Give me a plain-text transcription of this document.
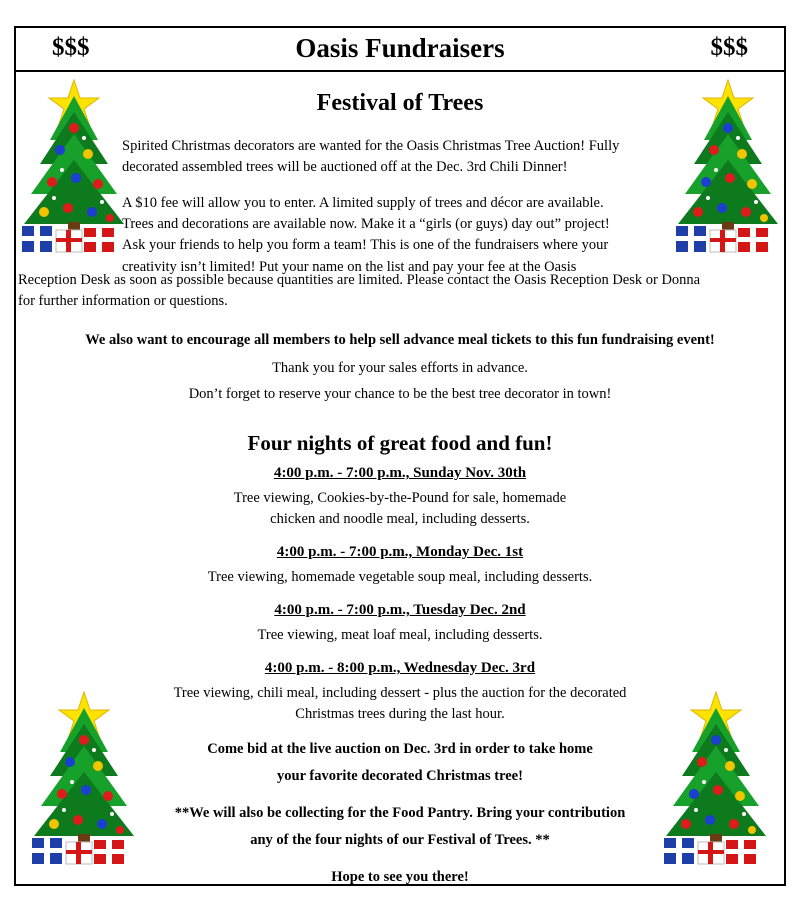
$$$	Oasis Fundraisers	$$$
Festival of Trees

Spirited Christmas decorators are wanted for the Oasis Christmas Tree Auction! Fully decorated assembled trees will be auctioned off at the Dec. 3rd Chili Dinner!

A $10 fee will allow you to enter. A limited supply of trees and décor are available.

Trees and decorations are available now. Make it a “girls (or guys) day out” project!

Ask your friends to help you form a team! This is one of the fundraisers where your

creativity isn’t limited! Put your name on the list and pay your fee at the Oasis

Reception Desk as soon as possible because quantities are limited. Please contact the Oasis Reception Desk or Donna

for further information or questions.

We also want to encourage all members to help sell advance meal tickets to this fun fundraising event!
Thank you for your sales efforts in advance.
Don’t forget to reserve your chance to be the best tree decorator in town!
Four nights of great food and fun!
4:00 p.m. - 7:00 p.m., Sunday Nov. 30th
Tree viewing, Cookies-by-the-Pound for sale, homemade
chicken and noodle meal, including desserts.
4:00 p.m. - 7:00 p.m., Monday Dec. 1st
Tree viewing, homemade vegetable soup meal, including desserts.
4:00 p.m. - 7:00 p.m., Tuesday Dec. 2nd
Tree viewing, meat loaf meal, including desserts.
4:00 p.m. - 8:00 p.m., Wednesday Dec. 3rd
Tree viewing, chili meal, including dessert - plus the auction for the decorated
Christmas trees during the last hour.
Come bid at the live auction on Dec. 3rd in order to take home
your favorite decorated Christmas tree!
**We will also be collecting for the Food Pantry. Bring your contribution
any of the four nights of our Festival of Trees. **
Hope to see you there!
